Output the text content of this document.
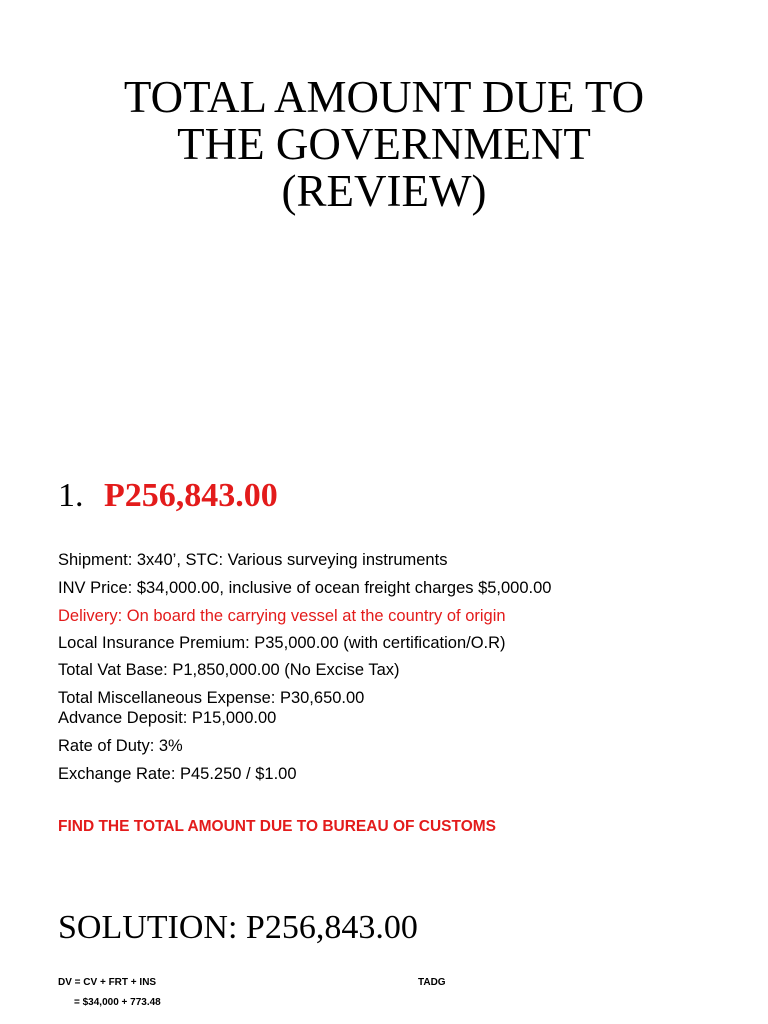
TOTAL AMOUNT DUE TO
THE GOVERNMENT
(REVIEW)
1. P256,843.00
Shipment: 3x40’, STC: Various surveying instruments
INV Price: $34,000.00, inclusive of ocean freight charges $5,000.00
Delivery: On board the carrying vessel at the country of origin
Local Insurance Premium: P35,000.00 (with certification/O.R)
Total Vat Base: P1,850,000.00 (No Excise Tax)
Total Miscellaneous Expense: P30,650.00
Advance Deposit: P15,000.00
Rate of Duty: 3%
Exchange Rate: P45.250 / $1.00
FIND THE TOTAL AMOUNT DUE TO BUREAU OF CUSTOMS
SOLUTION: P256,843.00
DV = CV + FRT + INS
= $34,000 + 773.48
TADG
